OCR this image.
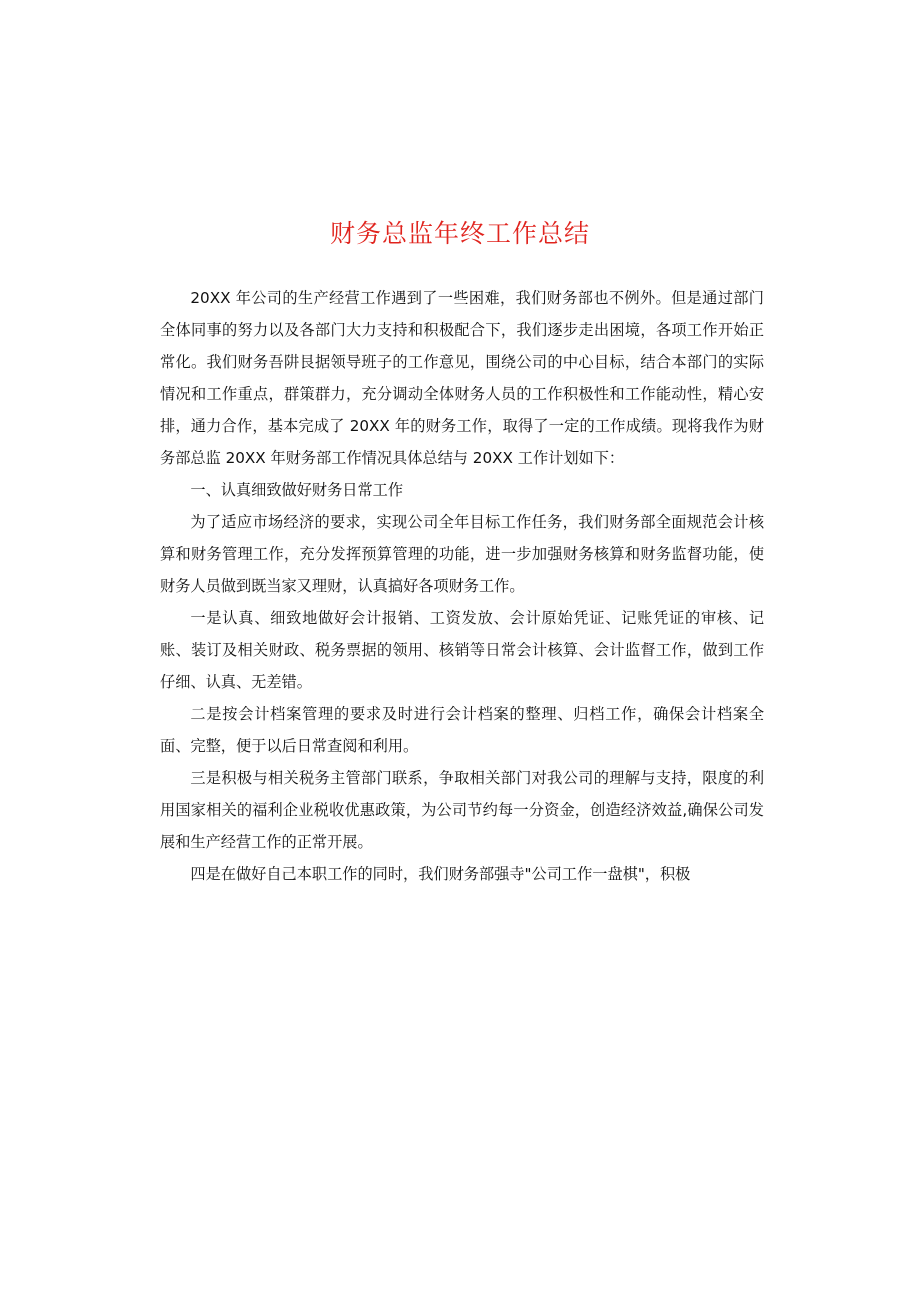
财务总监年终工作总结

20XX 年公司的生产经营工作遇到了一些困难，我们财务部也不例外。但是通过部门全体同事的努力以及各部门大力支持和积极配合下，我们逐步走出困境，各项工作开始正常化。我们财务吾阱艮据领导班子的工作意见，围绕公司的中心目标，结合本部门的实际情况和工作重点，群策群力，充分调动全体财务人员的工作积极性和工作能动性，精心安排，通力合作，基本完成了 20XX 年的财务工作，取得了一定的工作成绩。现将我作为财务部总监 20XX 年财务部工作情况具体总结与 20XX 工作计划如下：

一、认真细致做好财务日常工作

为了适应市场经济的要求，实现公司全年目标工作任务，我们财务部全面规范会计核算和财务管理工作，充分发挥预算管理的功能，进一步加强财务核算和财务监督功能，使财务人员做到既当家又理财，认真搞好各项财务工作。

一是认真、细致地做好会计报销、工资发放、会计原始凭证、记账凭证的审核、记账、装订及相关财政、税务票据的领用、核销等日常会计核算、会计监督工作，做到工作仔细、认真、无差错。

二是按会计档案管理的要求及时进行会计档案的整理、归档工作，确保会计档案全面、完整，便于以后日常查阅和利用。

三是积极与相关税务主管部门联系，争取相关部门对我公司的理解与支持，限度的利用国家相关的福利企业税收优惠政策，为公司节约每一分资金，创造经济效益,确保公司发展和生产经营工作的正常开展。

四是在做好自己本职工作的同时，我们财务部强寺"公司工作一盘棋"，积极
